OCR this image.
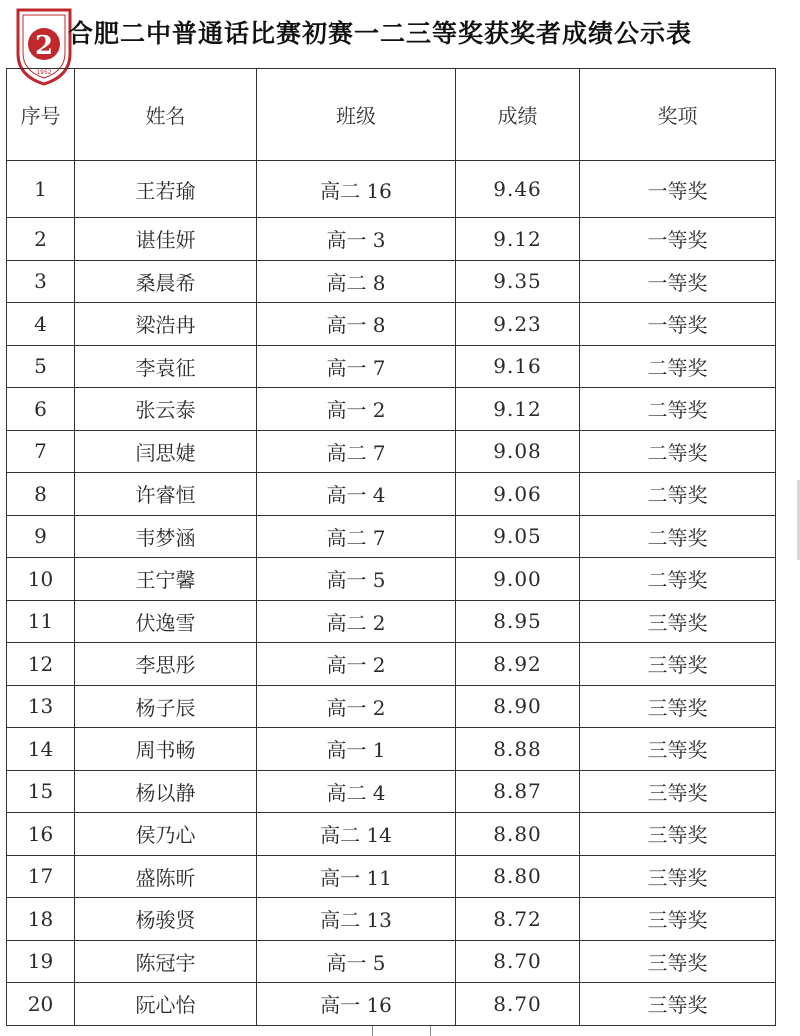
2
1952
合肥二中普通话比赛初赛一二三等奖获奖者成绩公示表
序号	姓名	班级	成绩	奖项
1	王若瑜	高二 16	9.46	一等奖
2	谌佳妍	高一 3	9.12	一等奖
3	桑晨希	高二 8	9.35	一等奖
4	梁浩冉	高一 8	9.23	一等奖
5	李袁征	高一 7	9.16	二等奖
6	张云泰	高一 2	9.12	二等奖
7	闫思婕	高二 7	9.08	二等奖
8	许睿恒	高一 4	9.06	二等奖
9	韦梦涵	高二 7	9.05	二等奖
10	王宁馨	高一 5	9.00	二等奖
11	伏逸雪	高二 2	8.95	三等奖
12	李思彤	高一 2	8.92	三等奖
13	杨子辰	高一 2	8.90	三等奖
14	周书畅	高一 1	8.88	三等奖
15	杨以静	高二 4	8.87	三等奖
16	侯乃心	高二 14	8.80	三等奖
17	盛陈昕	高一 11	8.80	三等奖
18	杨骏贤	高二 13	8.72	三等奖
19	陈冠宇	高一 5	8.70	三等奖
20	阮心怡	高一 16	8.70	三等奖
